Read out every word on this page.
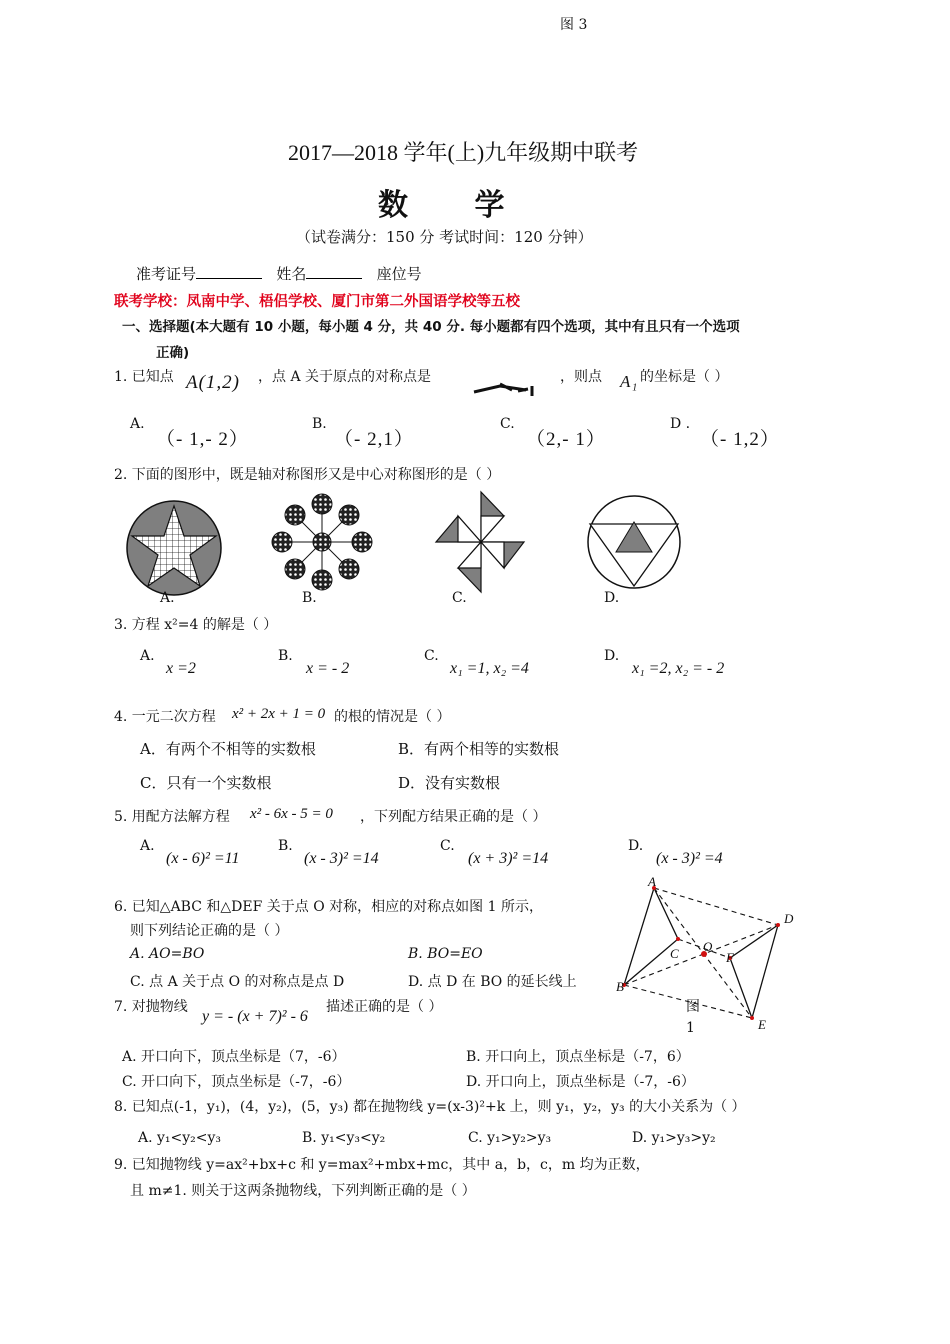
图 3
2017—2018 学年(上)九年级期中联考
数 学
（试卷满分：150 分 考试时间：120 分钟）
准考证号	姓名	座位号
联考学校：凤南中学、梧侣学校、厦门市第二外国语学校等五校
一、选择题(本大题有 10 小题，每小题 4 分，共 40 分. 每小题都有四个选项，其中有且只有一个选项
正确)
1. 已知点 A(1,2) ，点 A 关于原点的对称点是	，则点 A₁ 的坐标是（ ）
A.
（- 1,- 2）
B.
（- 2,1）
C.
（2,- 1）
D .
（- 1,2）
2. 下面的图形中，既是轴对称图形又是中心对称图形的是（ ）
A.	B.	C.	D.
3. 方程 x²=4 的解是（ ）
A.
x =2
B.
x = - 2
C.
x₁ =1, x₂ =4
D.
x₁ =2, x₂ = - 2
4. 一元二次方程 x² + 2x + 1 = 0 的根的情况是（ ）
A．有两个不相等的实数根	B．有两个相等的实数根
C．只有一个实数根	D．没有实数根
5. 用配方法解方程 x² - 6x - 5 = 0 ，下列配方结果正确的是（ ）
A.
(x - 6)² =11
B.
(x - 3)² =14
C.
(x + 3)² =14
D.
(x - 3)² =4
6. 已知△ABC 和△DEF 关于点 O 对称，相应的对称点如图 1 所示，
则下列结论正确的是（ ）
A. AO=BO	B. BO=EO
C. 点 A 关于点 O 的对称点是点 D	D. 点 D 在 BO 的延长线上
A
B
C O
F
D
E
图
1
7. 对抛物线
y = - (x + 7)² - 6
描述正确的是（ ）
A. 开口向下，顶点坐标是（7，-6）	B. 开口向上，顶点坐标是（-7，6）
C. 开口向下，顶点坐标是（-7，-6）	D. 开口向上，顶点坐标是（-7，-6）
8. 已知点(-1，y₁)，(4，y₂)，(5，y₃) 都在抛物线 y=(x-3)²+k 上，则 y₁，y₂，y₃ 的大小关系为（ ）
A. y₁<y₂<y₃	B. y₁<y₃<y₂	C. y₁>y₂>y₃	D. y₁>y₃>y₂
9. 已知抛物线 y=ax²+bx+c 和 y=max²+mbx+mc，其中 a，b，c，m 均为正数，
且 m≠1. 则关于这两条抛物线，下列判断正确的是（ ）
